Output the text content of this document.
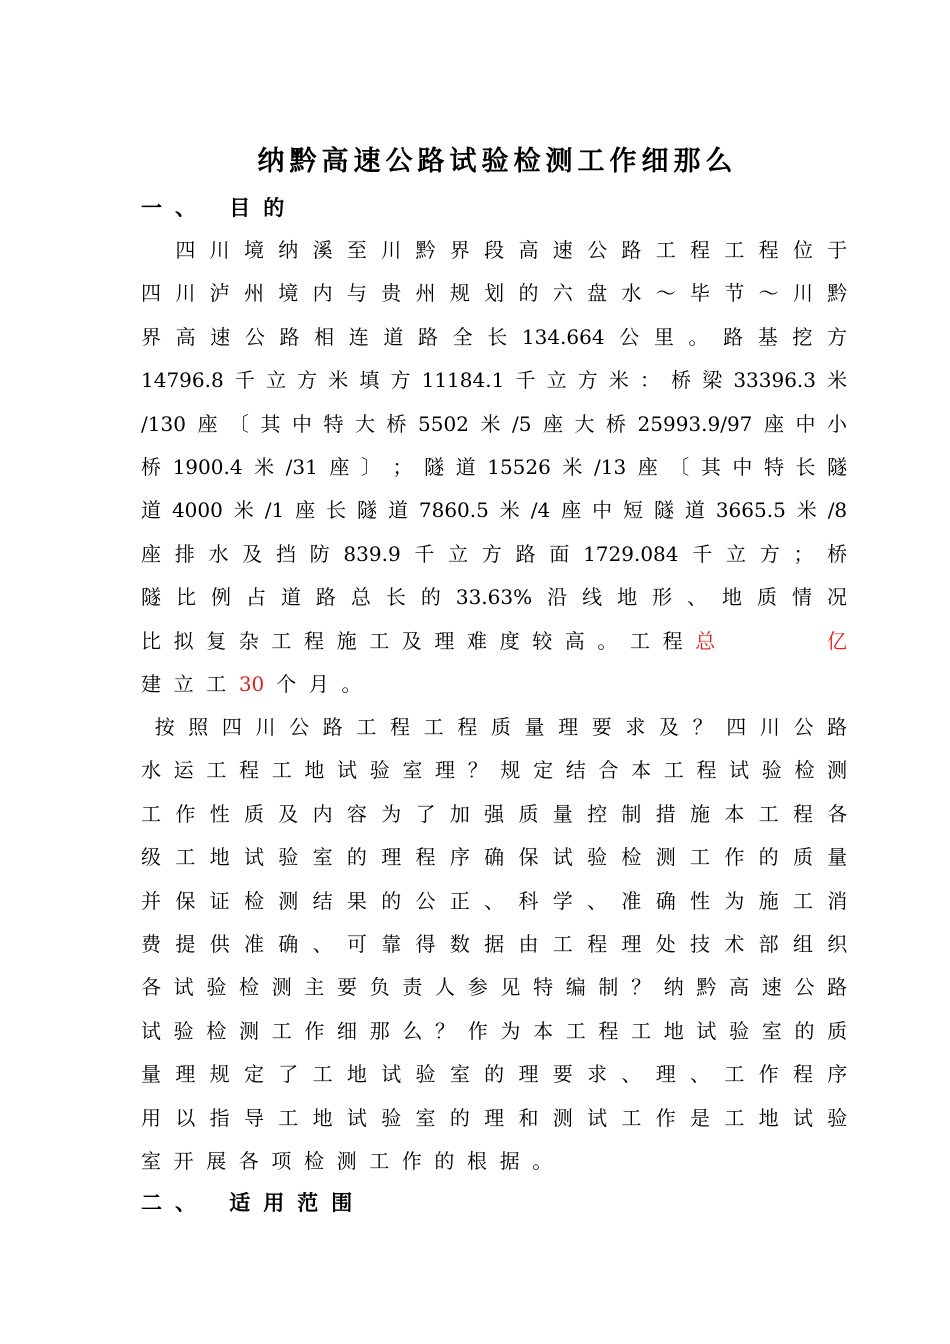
纳黔高速公路试验检测工作细那么
一、 目的
　 四 川 境 纳 溪 至 川 黔 界 段 高 速 公 路 工 程 工 程 位 于
四 川 泸 州 境 内 与 贵 州 规 划 的 六 盘 水 ～ 毕 节 ～ 川 黔
界 高 速 公 路 相 连 道 路 全 长 134.664 公 里 。 路 基 挖 方
14796.8 千 立 方 米 填 方 11184.1 千 立 方 米 ： 桥 梁 33396.3 米
/130 座 〔 其 中 特 大 桥 5502 米 /5 座 大 桥 25993.9/97 座 中 小
桥 1900.4 米 /31 座 〕 ； 隧 道 15526 米 /13 座 〔 其 中 特 长 隧
道 4000 米 /1 座 长 隧 道 7860.5 米 /4 座 中 短 隧 道 3665.5 米 /8
座 排 水 及 挡 防 839.9 千 立 方 路 面 1729.084 千 立 方 ； 桥
隧 比 例 占 道 路 总 长 的 33.63% 沿 线 地 形 、 地 质 情 况
比拟复杂工程施工及理难度较高。工程总	亿
建立工30 个月。
按 照 四 川 公 路 工 程 工 程 质 量 理 要 求 及 ？ 四 川 公 路
水 运 工 程 工 地 试 验 室 理 ？ 规 定 结 合 本 工 程 试 验 检 测
工 作 性 质 及 内 容 为 了 加 强 质 量 控 制 措 施 本 工 程 各
级 工 地 试 验 室 的 理 程 序 确 保 试 验 检 测 工 作 的 质 量
并 保 证 检 测 结 果 的 公 正 、 科 学 、 准 确 性 为 施 工 消
费 提 供 准 确 、 可 靠 得 数 据 由 工 程 理 处 技 术 部 组 织
各 试 验 检 测 主 要 负 责 人 参 见 特 编 制 ？ 纳 黔 高 速 公 路
试 验 检 测 工 作 细 那 么 ？ 作 为 本 工 程 工 地 试 验 室 的 质
量 理 规 定 了 工 地 试 验 室 的 理 要 求 、 理 、 工 作 程 序
用 以 指 导 工 地 试 验 室 的 理 和 测 试 工 作 是 工 地 试 验
室开展各项检测工作的根据。
二、 适用范围
